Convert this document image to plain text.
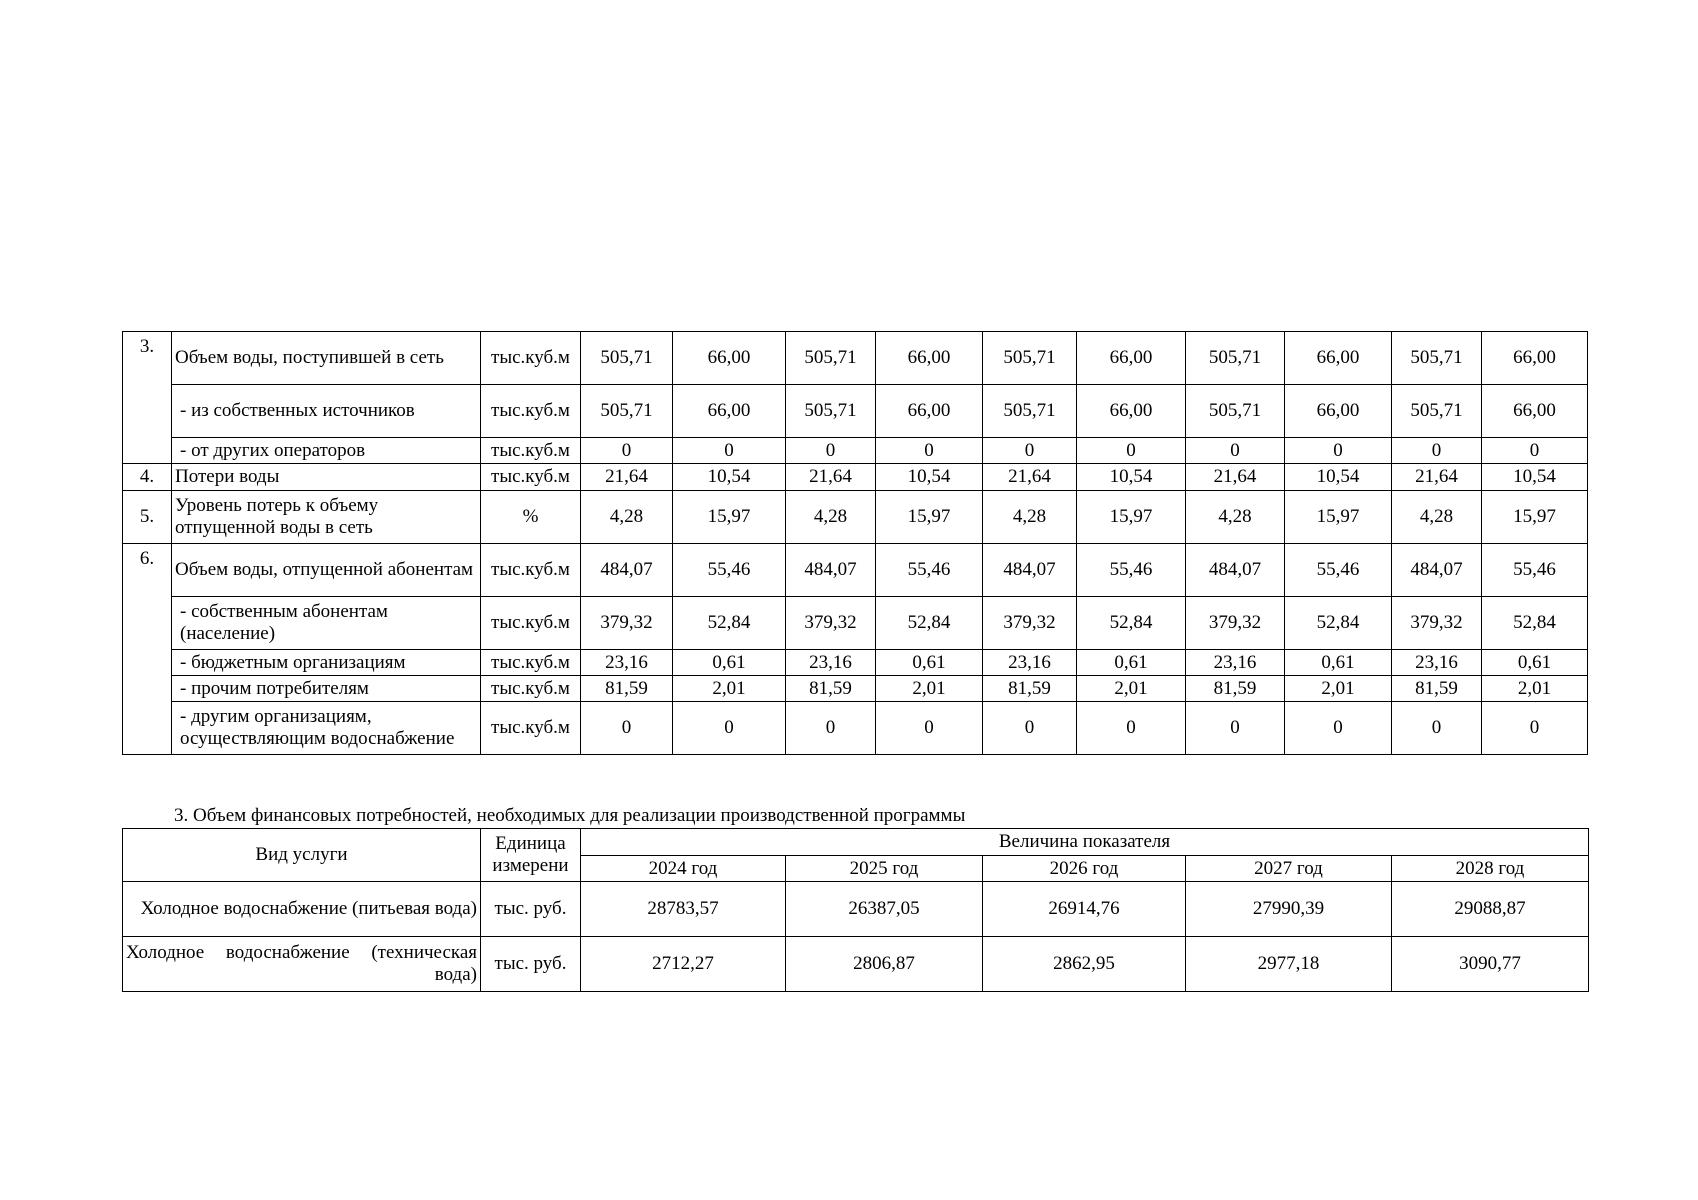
3.	Объем воды, поступившей в сеть	тыс.куб.м	505,71	66,00	505,71	66,00	505,71	66,00	505,71	66,00	505,71	66,00
	- из собственных источников	тыс.куб.м	505,71	66,00	505,71	66,00	505,71	66,00	505,71	66,00	505,71	66,00
	- от других операторов	тыс.куб.м	0	0	0	0	0	0	0	0	0	0
4.	Потери воды	тыс.куб.м	21,64	10,54	21,64	10,54	21,64	10,54	21,64	10,54	21,64	10,54
5.	Уровень потерь к объему отпущенной воды в сеть	%	4,28	15,97	4,28	15,97	4,28	15,97	4,28	15,97	4,28	15,97
6.	Объем воды, отпущенной абонентам	тыс.куб.м	484,07	55,46	484,07	55,46	484,07	55,46	484,07	55,46	484,07	55,46
	- собственным абонентам (население)	тыс.куб.м	379,32	52,84	379,32	52,84	379,32	52,84	379,32	52,84	379,32	52,84
	- бюджетным организациям	тыс.куб.м	23,16	0,61	23,16	0,61	23,16	0,61	23,16	0,61	23,16	0,61
	- прочим потребителям	тыс.куб.м	81,59	2,01	81,59	2,01	81,59	2,01	81,59	2,01	81,59	2,01
	- другим организациям, осуществляющим водоснабжение	тыс.куб.м	0	0	0	0	0	0	0	0	0	0
3. Объем финансовых потребностей, необходимых для реализации производственной программы
Вид услуги	Единица измерени	Величина показателя				
		2024 год	2025 год	2026 год	2027 год	2028 год
Холодное водоснабжение (питьевая вода)	тыс. руб.	28783,57	26387,05	26914,76	27990,39	29088,87
Холодное водоснабжение (техническая вода)	тыс. руб.	2712,27	2806,87	2862,95	2977,18	3090,77
